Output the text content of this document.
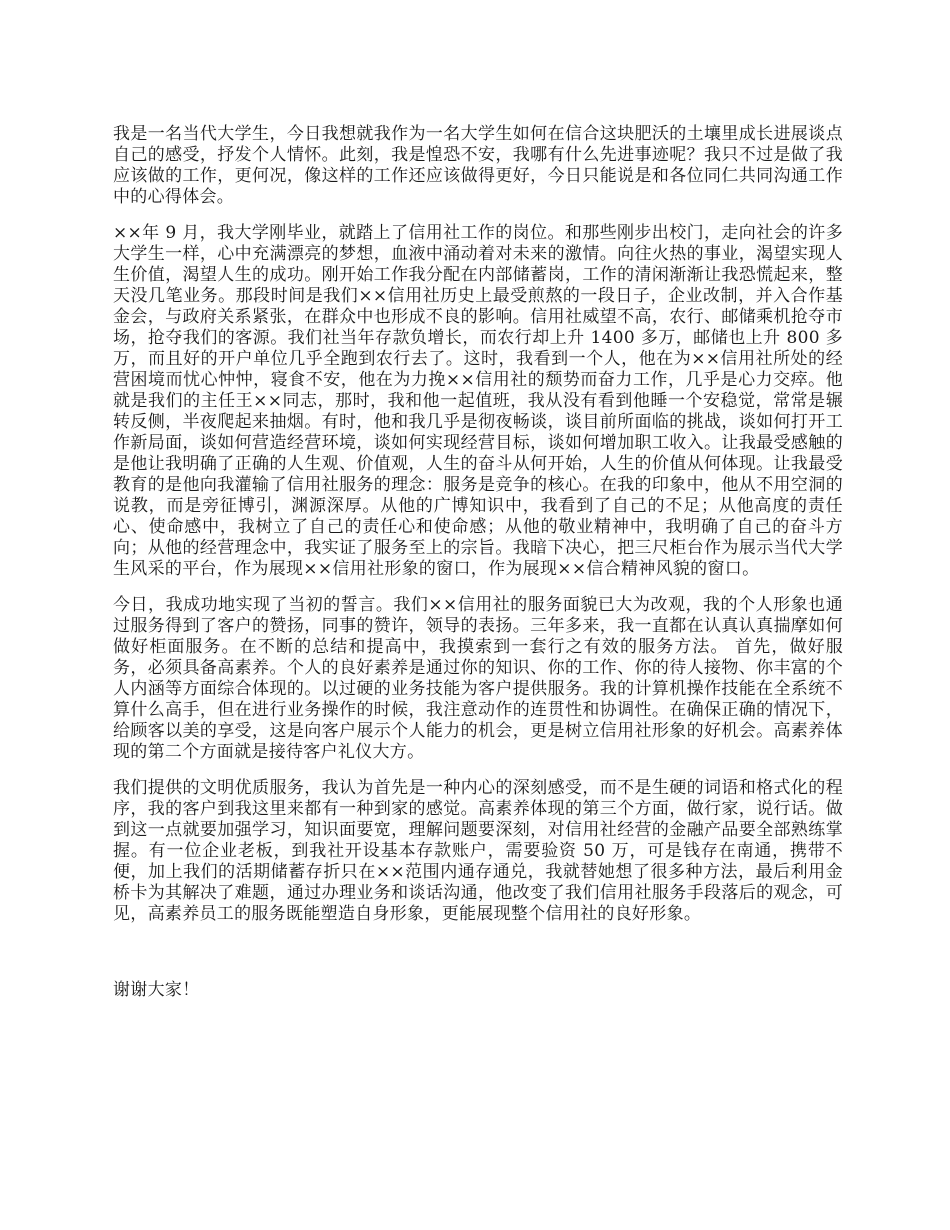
我是一名当代大学生，今日我想就我作为一名大学生如何在信合这块肥沃的土壤里成长进展谈点自己的感受，抒发个人情怀。此刻，我是惶恐不安，我哪有什么先进事迹呢？我只不过是做了我应该做的工作，更何况，像这样的工作还应该做得更好，今日只能说是和各位同仁共同沟通工作中的心得体会。

××年 9 月，我大学刚毕业，就踏上了信用社工作的岗位。和那些刚步出校门，走向社会的许多大学生一样，心中充满漂亮的梦想，血液中涌动着对未来的激情。向往火热的事业，渴望实现人生价值，渴望人生的成功。刚开始工作我分配在内部储蓄岗，工作的清闲渐渐让我恐慌起来，整天没几笔业务。那段时间是我们××信用社历史上最受煎熬的一段日子，企业改制，并入合作基金会，与政府关系紧张，在群众中也形成不良的影响。信用社威望不高，农行、邮储乘机抢夺市场，抢夺我们的客源。我们社当年存款负增长，而农行却上升 1400 多万，邮储也上升 800 多万，而且好的开户单位几乎全跑到农行去了。这时，我看到一个人，他在为××信用社所处的经营困境而忧心忡忡，寝食不安，他在为力挽××信用社的颓势而奋力工作，几乎是心力交瘁。他就是我们的主任王××同志，那时，我和他一起值班，我从没有看到他睡一个安稳觉，常常是辗转反侧，半夜爬起来抽烟。有时，他和我几乎是彻夜畅谈，谈目前所面临的挑战，谈如何打开工作新局面，谈如何营造经营环境，谈如何实现经营目标，谈如何增加职工收入。让我最受感触的是他让我明确了正确的人生观、价值观，人生的奋斗从何开始，人生的价值从何体现。让我最受教育的是他向我灌输了信用社服务的理念：服务是竞争的核心。在我的印象中，他从不用空洞的说教，而是旁征博引，渊源深厚。从他的广博知识中，我看到了自己的不足；从他高度的责任心、使命感中，我树立了自己的责任心和使命感；从他的敬业精神中，我明确了自己的奋斗方向；从他的经营理念中，我实证了服务至上的宗旨。我暗下决心，把三尺柜台作为展示当代大学生风采的平台，作为展现××信用社形象的窗口，作为展现××信合精神风貌的窗口。

今日，我成功地实现了当初的誓言。我们××信用社的服务面貌已大为改观，我的个人形象也通过服务得到了客户的赞扬，同事的赞许，领导的表扬。三年多来，我一直都在认真认真揣摩如何做好柜面服务。在不断的总结和提高中，我摸索到一套行之有效的服务方法。 首先，做好服务，必须具备高素养。个人的良好素养是通过你的知识、你的工作、你的待人接物、你丰富的个人内涵等方面综合体现的。以过硬的业务技能为客户提供服务。我的计算机操作技能在全系统不算什么高手，但在进行业务操作的时候，我注意动作的连贯性和协调性。在确保正确的情况下，给顾客以美的享受，这是向客户展示个人能力的机会，更是树立信用社形象的好机会。高素养体现的第二个方面就是接待客户礼仪大方。

我们提供的文明优质服务，我认为首先是一种内心的深刻感受，而不是生硬的词语和格式化的程序，我的客户到我这里来都有一种到家的感觉。高素养体现的第三个方面，做行家，说行话。做到这一点就要加强学习，知识面要宽，理解问题要深刻，对信用社经营的金融产品要全部熟练掌握。有一位企业老板，到我社开设基本存款账户，需要验资 50 万，可是钱存在南通，携带不便，加上我们的活期储蓄存折只在××范围内通存通兑，我就替她想了很多种方法，最后利用金桥卡为其解决了难题，通过办理业务和谈话沟通，他改变了我们信用社服务手段落后的观念，可见，高素养员工的服务既能塑造自身形象，更能展现整个信用社的良好形象。

谢谢大家！
